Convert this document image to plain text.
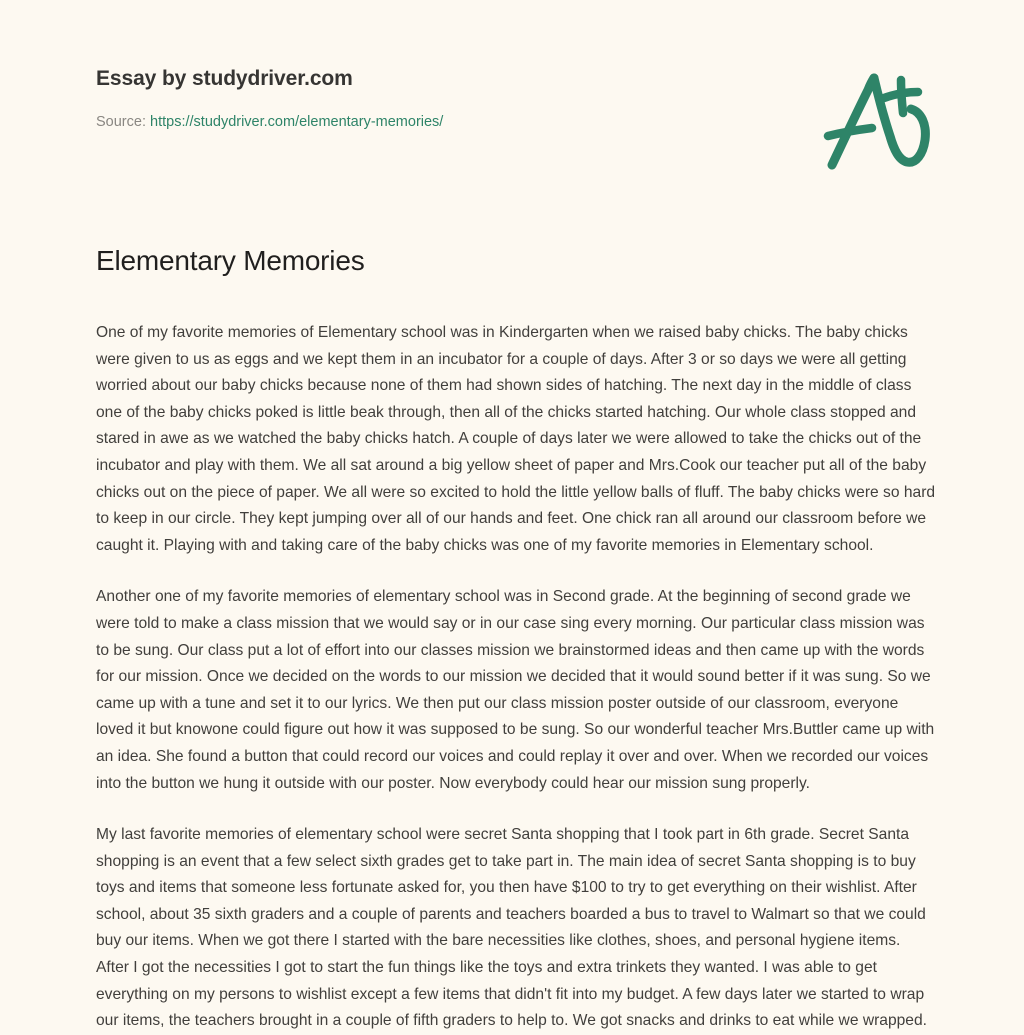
Essay by studydriver.com
Source: https://studydriver.com/elementary-memories/
Elementary Memories

One of my favorite memories of Elementary school was in Kindergarten when we raised baby chicks. The baby chicks were given to us as eggs and we kept them in an incubator for a couple of days. After 3 or so days we were all getting worried about our baby chicks because none of them had shown sides of hatching. The next day in the middle of class one of the baby chicks poked is little beak through, then all of the chicks started hatching. Our whole class stopped and stared in awe as we watched the baby chicks hatch. A couple of days later we were allowed to take the chicks out of the incubator and play with them. We all sat around a big yellow sheet of paper and Mrs.Cook our teacher put all of the baby chicks out on the piece of paper. We all were so excited to hold the little yellow balls of fluff. The baby chicks were so hard to keep in our circle. They kept jumping over all of our hands and feet. One chick ran all around our classroom before we caught it. Playing with and taking care of the baby chicks was one of my favorite memories in Elementary school.

Another one of my favorite memories of elementary school was in Second grade. At the beginning of second grade we were told to make a class mission that we would say or in our case sing every morning. Our particular class mission was to be sung. Our class put a lot of effort into our classes mission we brainstormed ideas and then came up with the words for our mission. Once we decided on the words to our mission we decided that it would sound better if it was sung. So we came up with a tune and set it to our lyrics. We then put our class mission poster outside of our classroom, everyone loved it but knowone could figure out how it was supposed to be sung. So our wonderful teacher Mrs.Buttler came up with an idea. She found a button that could record our voices and could replay it over and over. When we recorded our voices into the button we hung it outside with our poster. Now everybody could hear our mission sung properly.

My last favorite memories of elementary school were secret Santa shopping that I took part in 6th grade. Secret Santa shopping is an event that a few select sixth grades get to take part in. The main idea of secret Santa shopping is to buy toys and items that someone less fortunate asked for, you then have $100 to try to get everything on their wishlist. After school, about 35 sixth graders and a couple of parents and teachers boarded a bus to travel to Walmart so that we could buy our items. When we got there I started with the bare necessities like clothes, shoes, and personal hygiene items. After I got the necessities I got to start the fun things like the toys and extra trinkets they wanted. I was able to get everything on my persons to wishlist except a few items that didn't fit into my budget. A few days later we started to wrap our items, the teachers brought in a couple of fifth graders to help to. We got snacks and drinks to eat while we wrapped.
